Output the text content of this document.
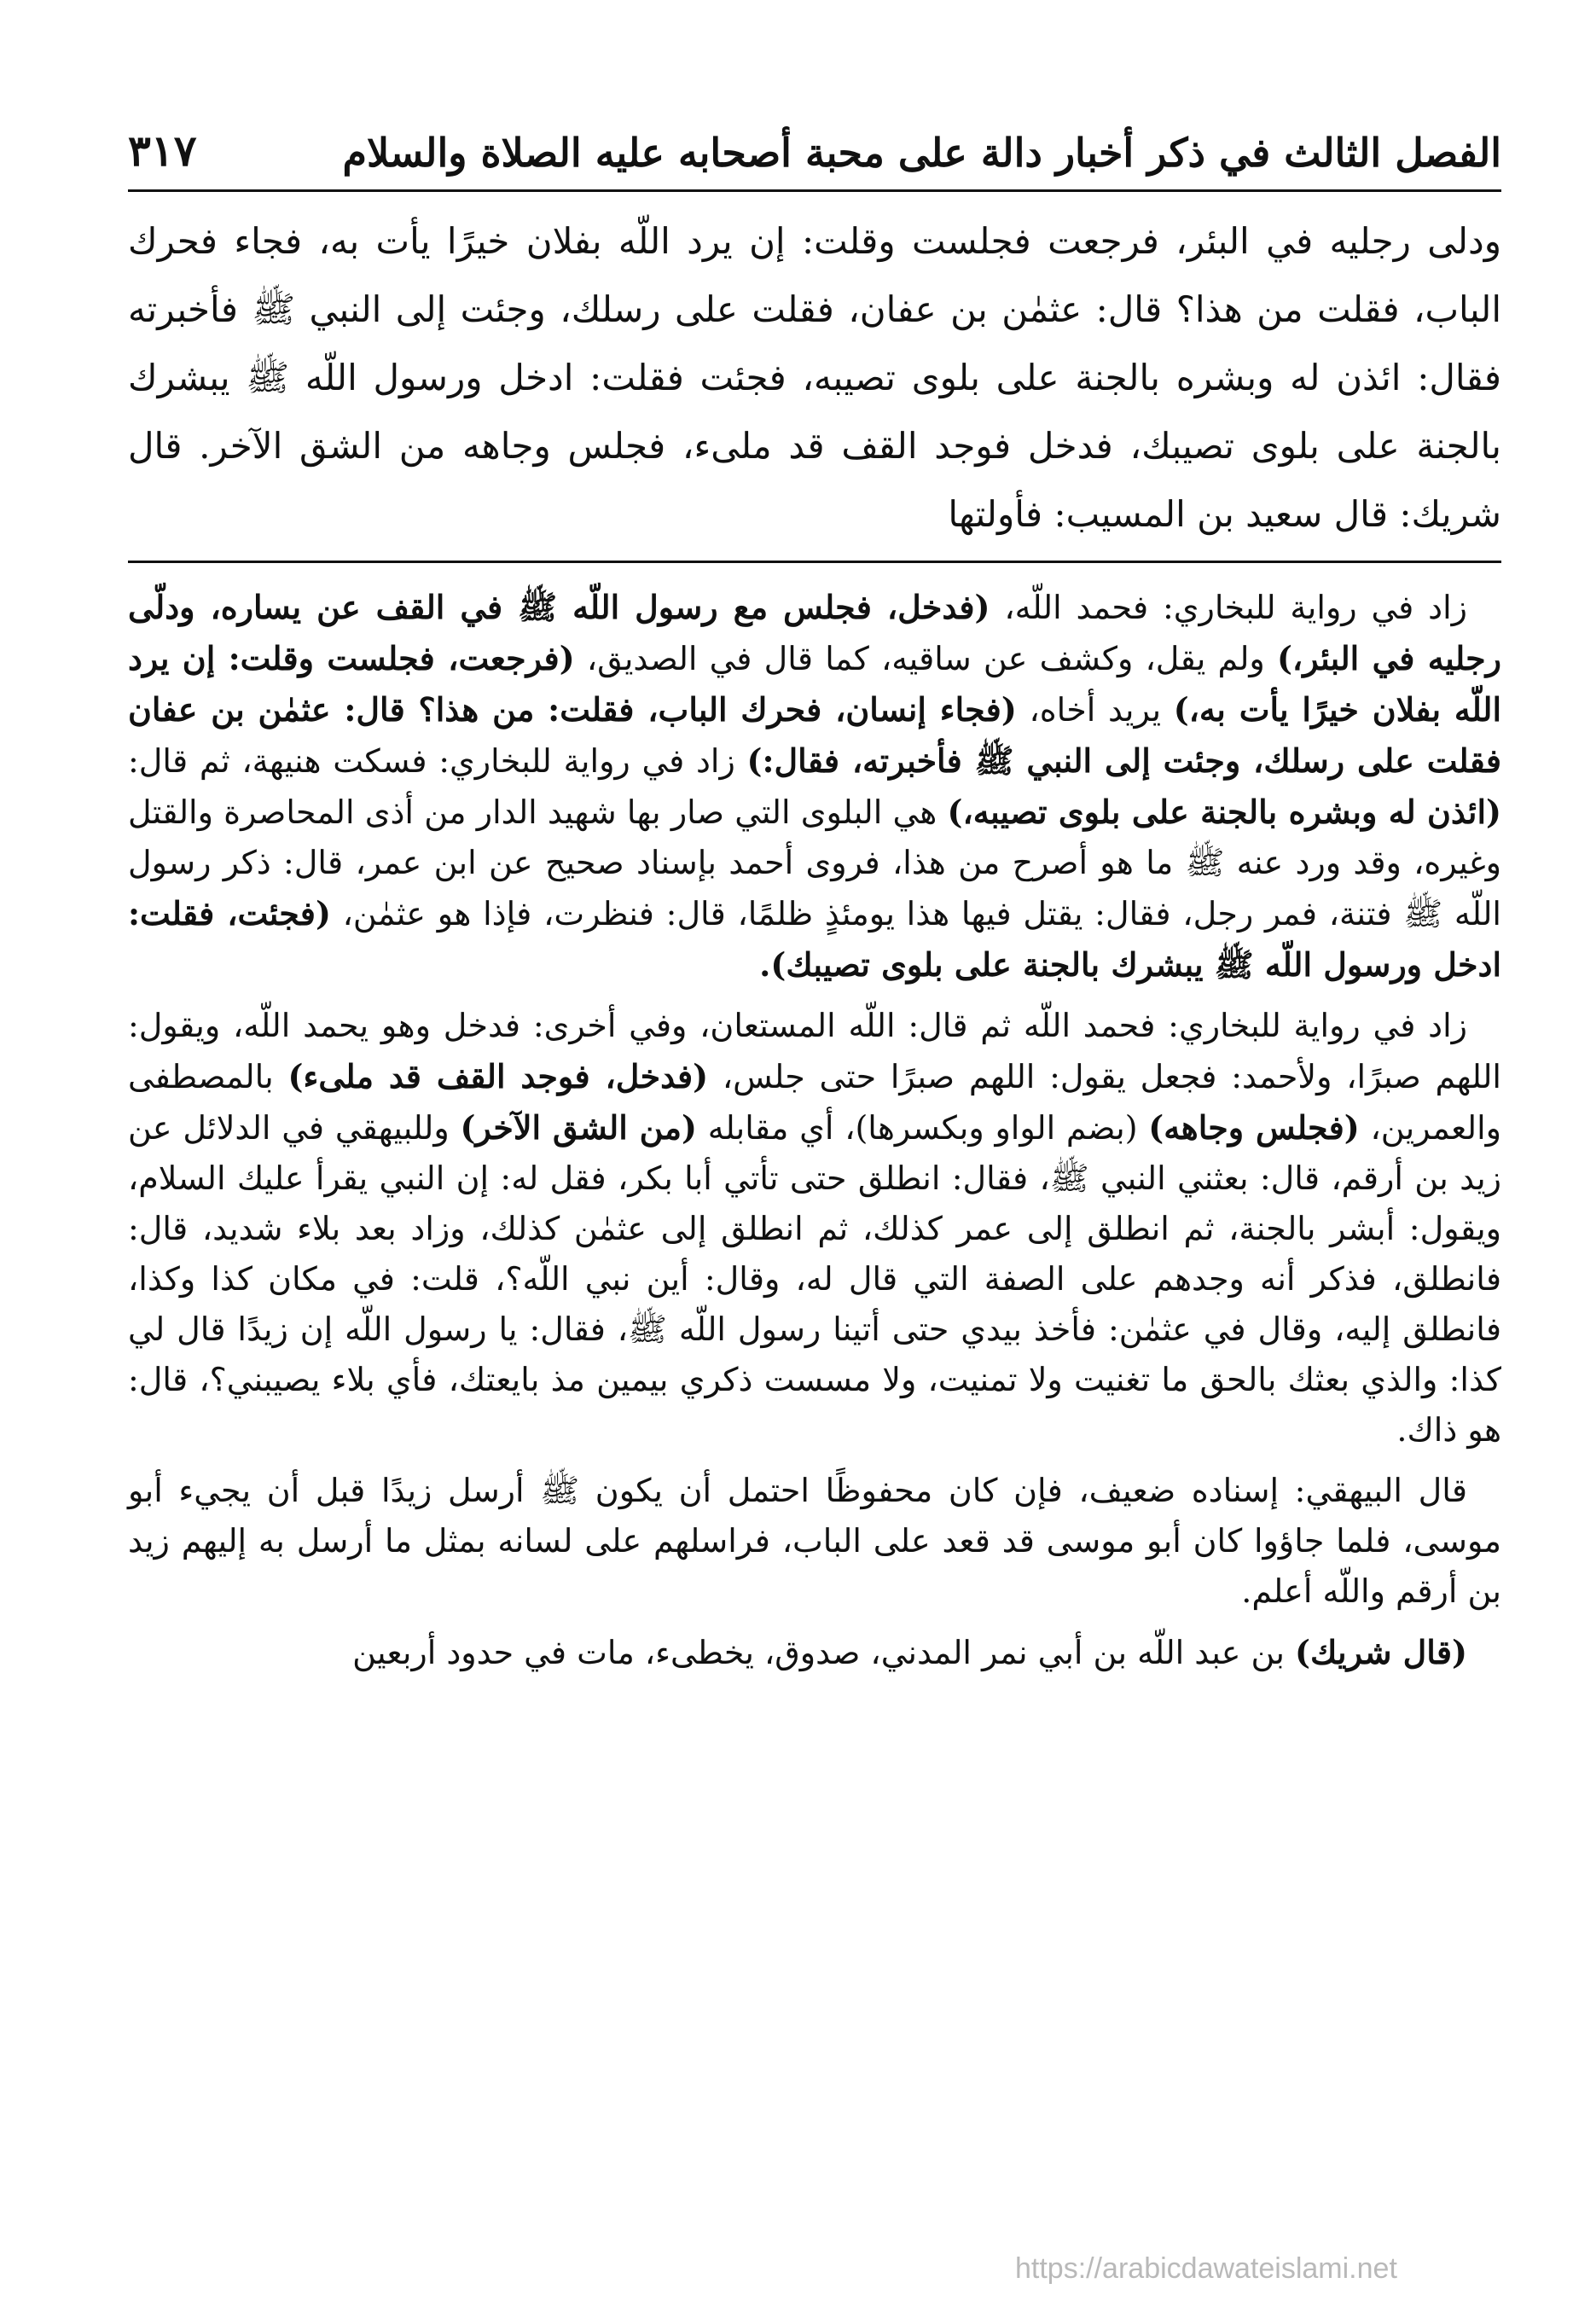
الفصل الثالث في ذكر أخبار دالة على محبة أصحابه عليه الصلاة والسلام
٣١٧

ودلى رجليه في البئر، فرجعت فجلست وقلت: إن يرد اللّه بفلان خيرًا يأت به، فجاء فحرك الباب، فقلت من هذا؟ قال: عثمٰن بن عفان، فقلت على رسلك، وجئت إلى النبي ﷺ فأخبرته فقال: ائذن له وبشره بالجنة على بلوى تصيبه، فجئت فقلت: ادخل ورسول اللّه ﷺ يبشرك بالجنة على بلوى تصيبك، فدخل فوجد القف قد ملىء، فجلس وجاهه من الشق الآخر. قال شريك: قال سعيد بن المسيب: فأولتها

زاد في رواية للبخاري: فحمد اللّه، (فدخل، فجلس مع رسول اللّه ﷺ في القف عن يساره، ودلّى رجليه في البئر،) ولم يقل، وكشف عن ساقيه، كما قال في الصديق، (فرجعت، فجلست وقلت: إن يرد اللّه بفلان خيرًا يأت به،) يريد أخاه، (فجاء إنسان، فحرك الباب، فقلت: من هذا؟ قال: عثمٰن بن عفان فقلت على رسلك، وجئت إلى النبي ﷺ فأخبرته، فقال:) زاد في رواية للبخاري: فسكت هنيهة، ثم قال: (ائذن له وبشره بالجنة على بلوى تصيبه،) هي البلوى التي صار بها شهيد الدار من أذى المحاصرة والقتل وغيره، وقد ورد عنه ﷺ ما هو أصرح من هذا، فروى أحمد بإسناد صحيح عن ابن عمر، قال: ذكر رسول اللّه ﷺ فتنة، فمر رجل، فقال: يقتل فيها هذا يومئذٍ ظلمًا، قال: فنظرت، فإذا هو عثمٰن، (فجئت، فقلت: ادخل ورسول اللّه ﷺ يبشرك بالجنة على بلوى تصيبك).

زاد في رواية للبخاري: فحمد اللّه ثم قال: اللّه المستعان، وفي أخرى: فدخل وهو يحمد اللّه، ويقول: اللهم صبرًا، ولأحمد: فجعل يقول: اللهم صبرًا حتى جلس، (فدخل، فوجد القف قد ملىء) بالمصطفى والعمرين، (فجلس وجاهه) (بضم الواو وبكسرها)، أي مقابله (من الشق الآخر) وللبيهقي في الدلائل عن زيد بن أرقم، قال: بعثني النبي ﷺ، فقال: انطلق حتى تأتي أبا بكر، فقل له: إن النبي يقرأ عليك السلام، ويقول: أبشر بالجنة، ثم انطلق إلى عمر كذلك، ثم انطلق إلى عثمٰن كذلك، وزاد بعد بلاء شديد، قال: فانطلق، فذكر أنه وجدهم على الصفة التي قال له، وقال: أين نبي اللّه؟، قلت: في مكان كذا وكذا، فانطلق إليه، وقال في عثمٰن: فأخذ بيدي حتى أتينا رسول اللّه ﷺ، فقال: يا رسول اللّه إن زيدًا قال لي كذا: والذي بعثك بالحق ما تغنيت ولا تمنيت، ولا مسست ذكري بيمين مذ بايعتك، فأي بلاء يصيبني؟، قال: هو ذاك.

قال البيهقي: إسناده ضعيف، فإن كان محفوظًا احتمل أن يكون ﷺ أرسل زيدًا قبل أن يجيء أبو موسى، فلما جاؤوا كان أبو موسى قد قعد على الباب، فراسلهم على لسانه بمثل ما أرسل به إليهم زيد بن أرقم واللّه أعلم.

(قال شريك) بن عبد اللّه بن أبي نمر المدني، صدوق، يخطىء، مات في حدود أربعين

https://arabicdawateislami.net
